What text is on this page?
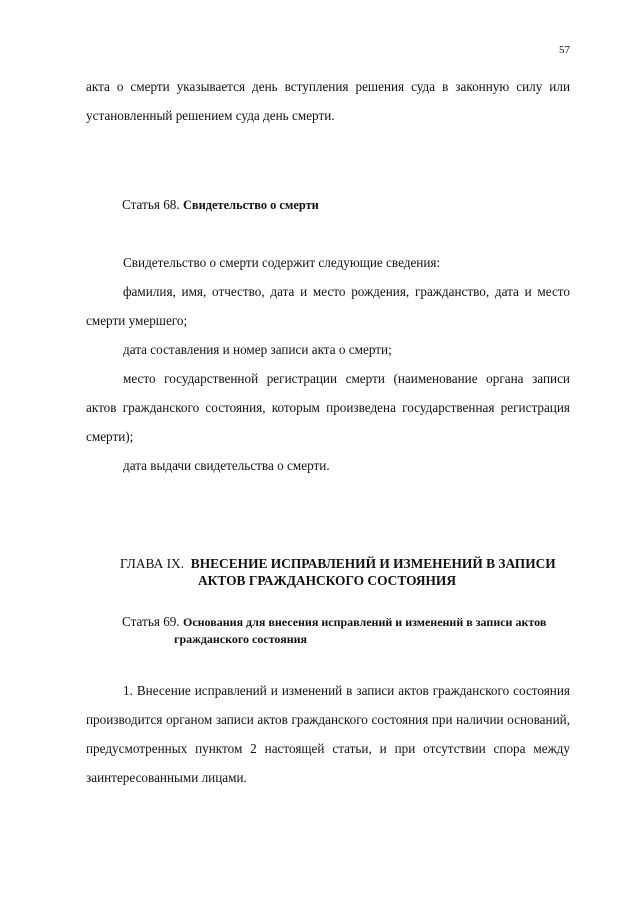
57

акта о смерти указывается день вступления решения суда в законную силу или установленный решением суда день смерти.

Статья 68. Свидетельство о смерти

Свидетельство о смерти содержит следующие сведения:

фамилия, имя, отчество, дата и место рождения, гражданство, дата и место смерти умершего;

дата составления и номер записи акта о смерти;

место государственной регистрации смерти (наименование органа записи актов гражданского состояния, которым произведена государственная регистрация смерти);

дата выдачи свидетельства о смерти.

ГЛАВА IX. ВНЕСЕНИЕ ИСПРАВЛЕНИЙ И ИЗМЕНЕНИЙ В ЗАПИСИ
АКТОВ ГРАЖДАНСКОГО СОСТОЯНИЯ

Статья 69. Основания для внесения исправлений и изменений в записи актов
гражданского состояния

1. Внесение исправлений и изменений в записи актов гражданского состояния производится органом записи актов гражданского состояния при наличии оснований, предусмотренных пунктом 2 настоящей статьи, и при отсутствии спора между заинтересованными лицами.
